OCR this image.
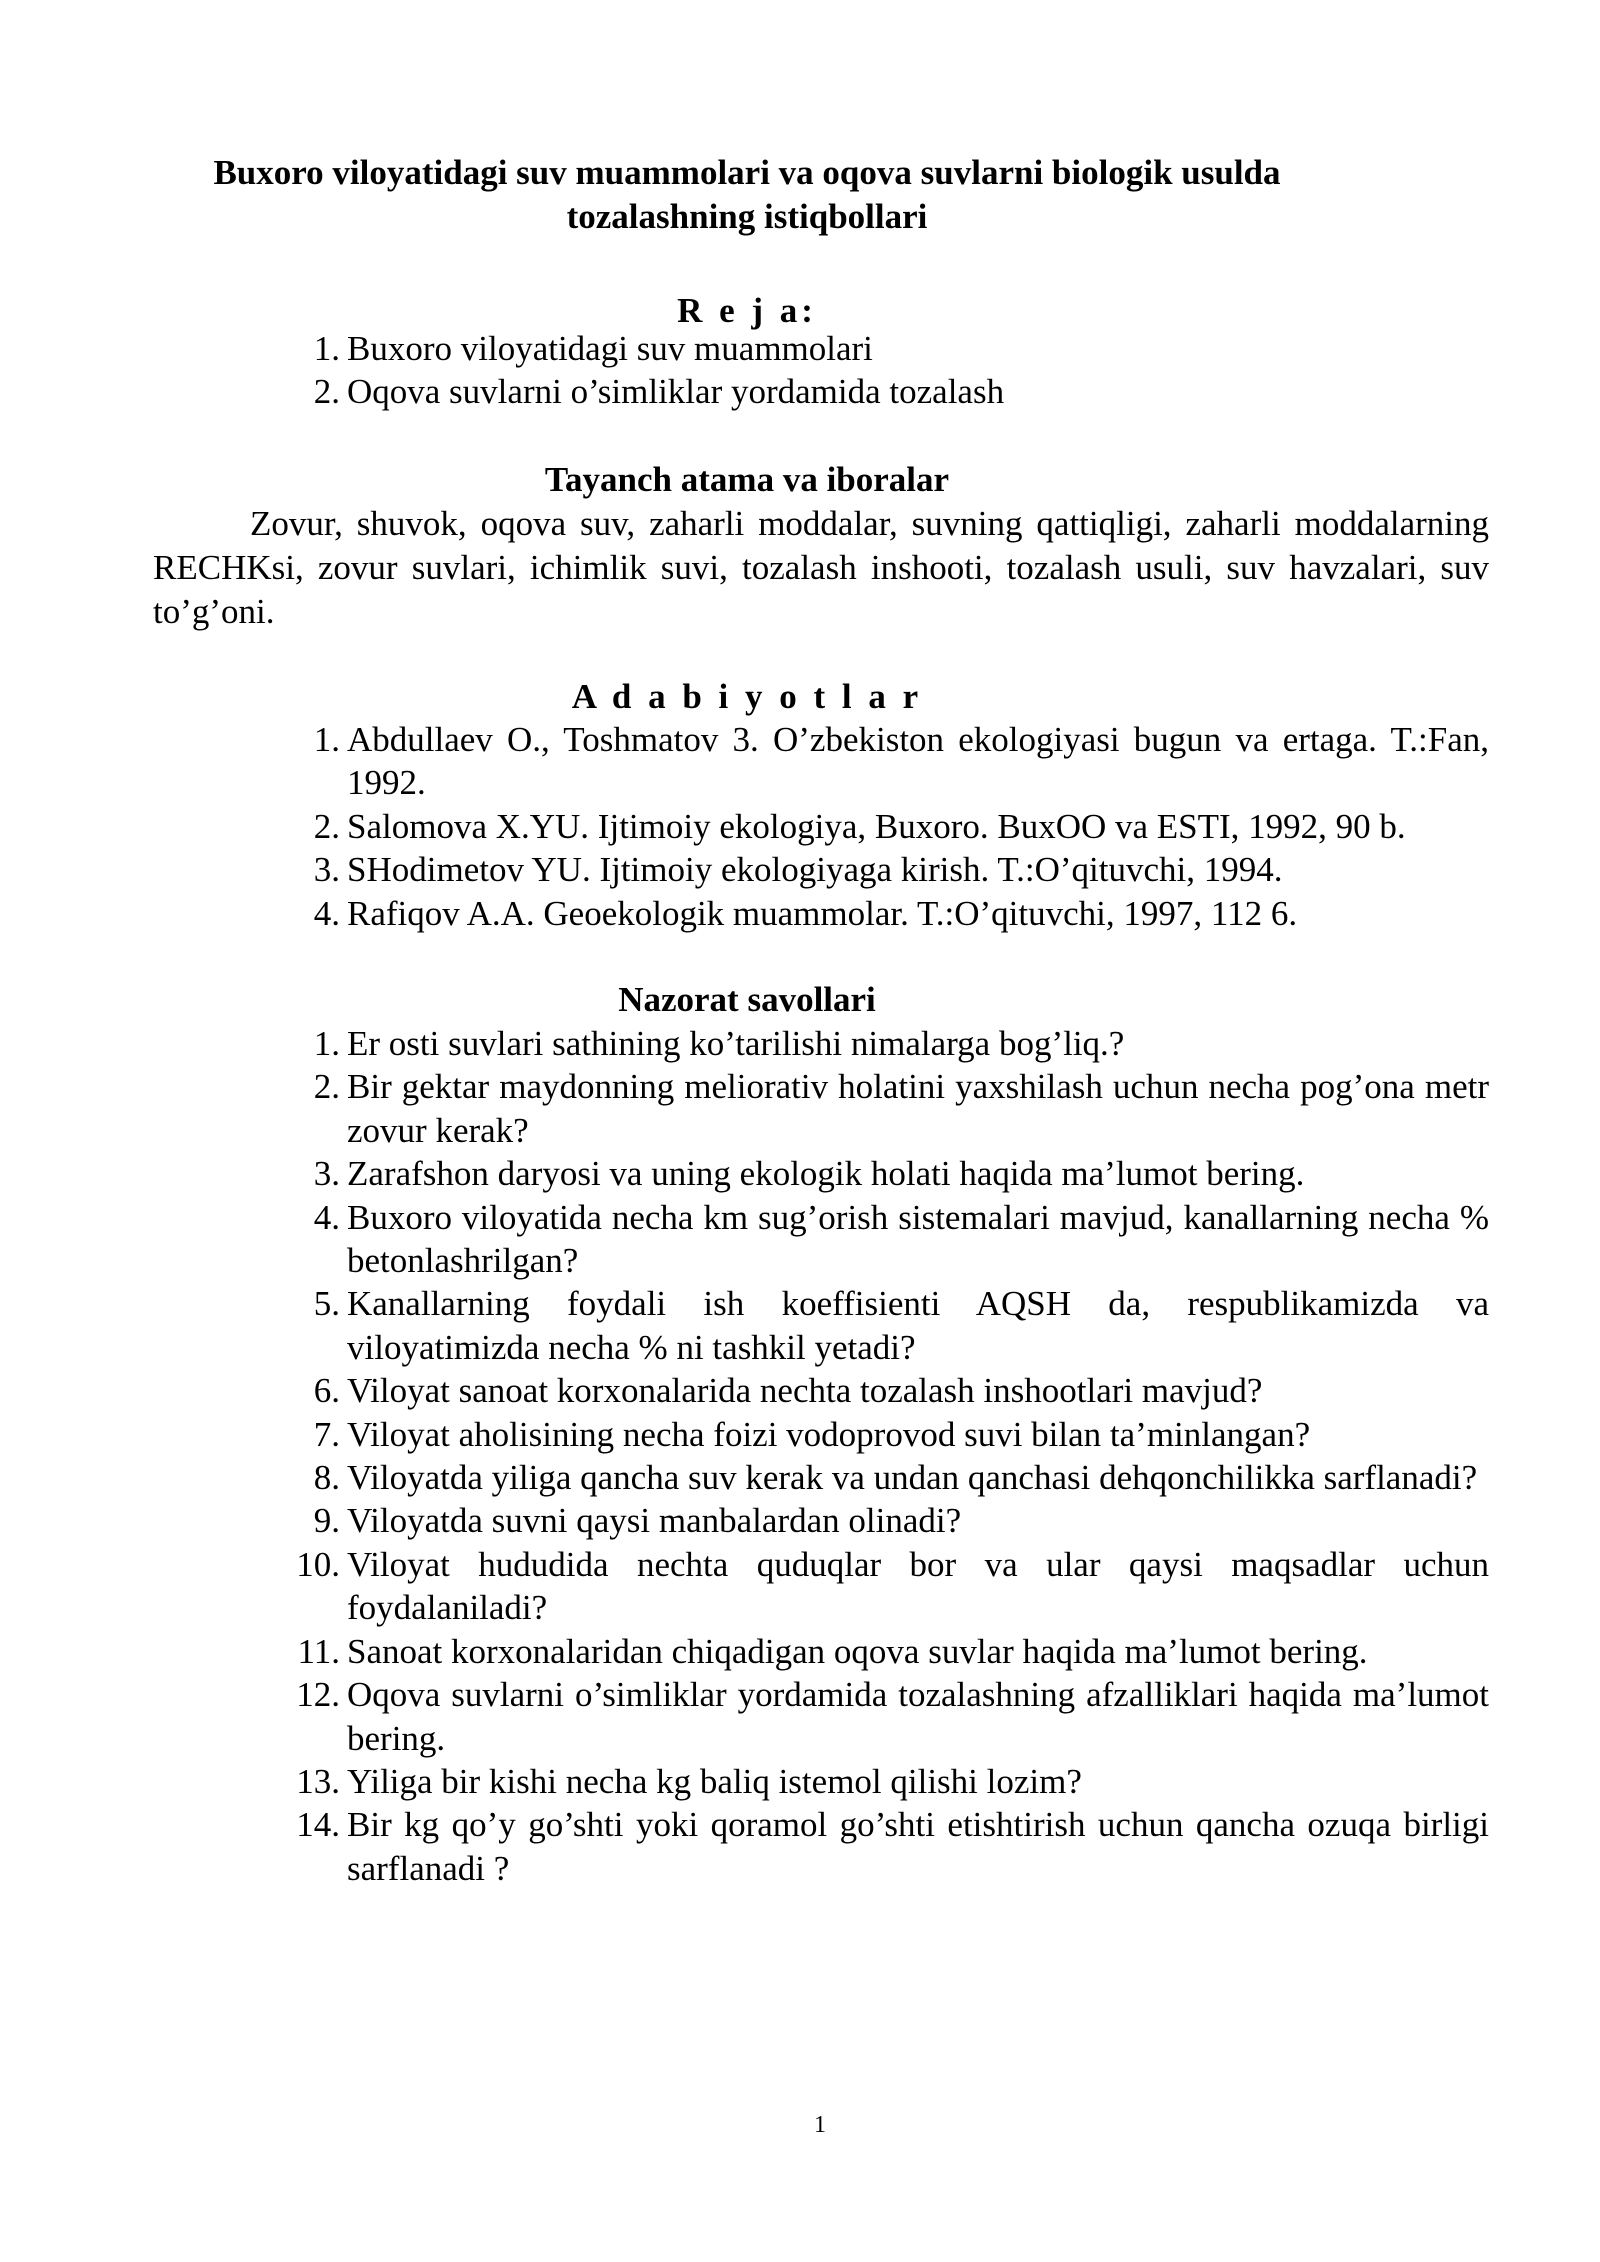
Buxoro viloyatidagi suv muammolari va oqova suvlarni biologik usulda tozalashning istiqbollari
R e j a:
1. Buxoro viloyatidagi suv muammolari
2. Oqova suvlarni o’simliklar yordamida tozalash
Tayanch atama va iboralar

Zovur, shuvok, oqova suv, zaharli moddalar, suvning qattiqligi, zaharli moddalarning RECHKsi, zovur suvlari, ichimlik suvi, tozalash inshooti, tozalash usuli, suv havzalari, suv to’g’oni.

A d a b i y o t l a r
1. Abdullaev O., Toshmatov 3. O’zbekiston ekologiyasi bugun va ertaga. T.:Fan, 1992.
2. Salomova X.YU. Ijtimoiy ekologiya, Buxoro. BuxOO va ESTI, 1992, 90 b.
3. SHodimetov YU. Ijtimoiy ekologiyaga kirish. T.:O’qituvchi, 1994.
4. Rafiqov A.A. Geoekologik muammolar. T.:O’qituvchi, 1997, 112 6.
Nazorat savollari
1. Er osti suvlari sathining ko’tarilishi nimalarga bog’liq.?
2. Bir gektar maydonning meliorativ holatini yaxshilash uchun necha pog’ona metr zovur kerak?
3. Zarafshon daryosi va uning ekologik holati haqida ma’lumot bering.
4. Buxoro viloyatida necha km sug’orish sistemalari mavjud, kanallarning necha % betonlashrilgan?
5. Kanallarning foydali ish koeffisienti AQSH da, respublikamizda va viloyatimizda necha % ni tashkil yetadi?
6. Viloyat sanoat korxonalarida nechta tozalash inshootlari mavjud?
7. Viloyat aholisining necha foizi vodoprovod suvi bilan ta’minlangan?
8. Viloyatda yiliga qancha suv kerak va undan qanchasi dehqonchilikka sarflanadi?
9. Viloyatda suvni qaysi manbalardan olinadi?
10. Viloyat hududida nechta quduqlar bor va ular qaysi maqsadlar uchun foydalaniladi?
11. Sanoat korxonalaridan chiqadigan oqova suvlar haqida ma’lumot bering.
12. Oqova suvlarni o’simliklar yordamida tozalashning afzalliklari haqida ma’lumot bering.
13. Yiliga bir kishi necha kg baliq istemol qilishi lozim?
14. Bir kg qo’y go’shti yoki qoramol go’shti etishtirish uchun qancha ozuqa birligi sarflanadi ?
1
